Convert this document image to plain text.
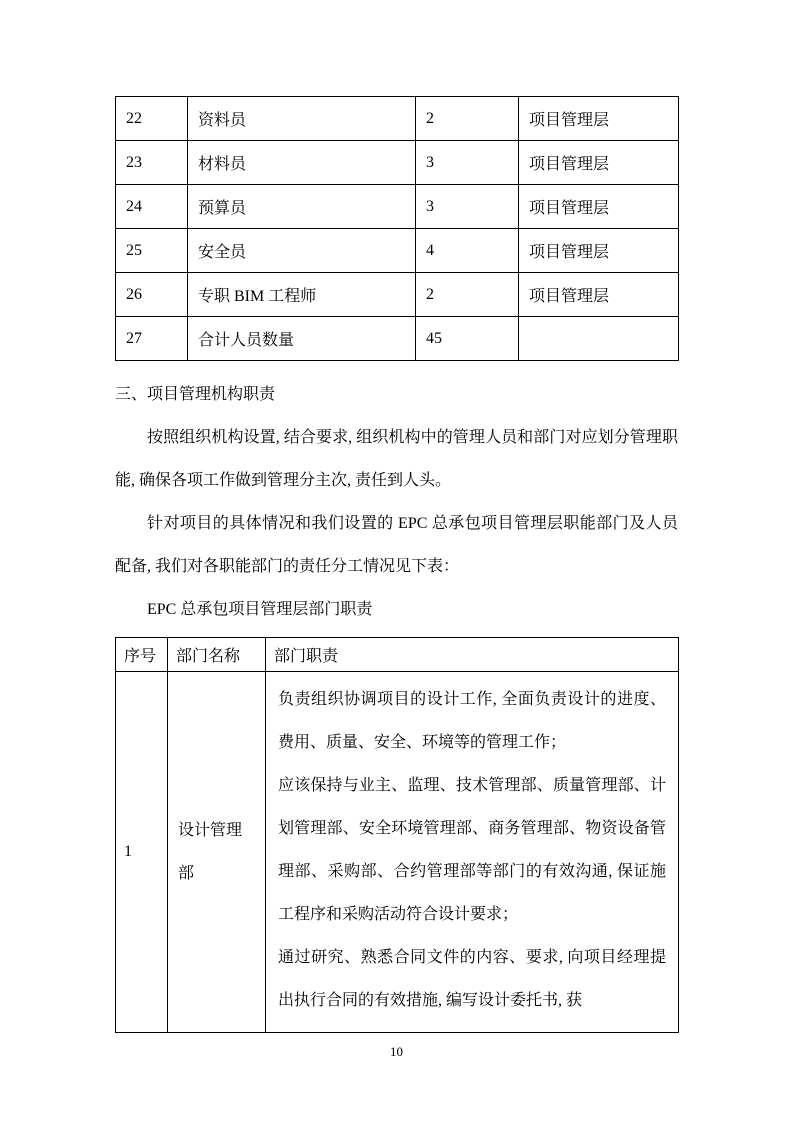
22	资料员	2	项目管理层
23	材料员	3	项目管理层
24	预算员	3	项目管理层
25	安全员	4	项目管理层
26	专职 BIM 工程师	2	项目管理层
27	合计人员数量	45	
三、项目管理机构职责

按照组织机构设置, 结合要求, 组织机构中的管理人员和部门对应划分管理职能, 确保各项工作做到管理分主次, 责任到人头。

针对项目的具体情况和我们设置的 EPC 总承包项目管理层职能部门及人员配备, 我们对各职能部门的责任分工情况见下表：

EPC 总承包项目管理层部门职责
序号	部门名称	部门职责
1	设计管理部	负责组织协调项目的设计工作, 全面负责设计的进度、费用、质量、安全、环境等的管理工作；

应该保持与业主、监理、技术管理部、质量管理部、计划管理部、安全环境管理部、商务管理部、物资设备管理部、采购部、合约管理部等部门的有效沟通, 保证施工程序和采购活动符合设计要求；

通过研究、熟悉合同文件的内容、要求, 向项目经理提出执行合同的有效措施, 编写设计委托书, 获

10
